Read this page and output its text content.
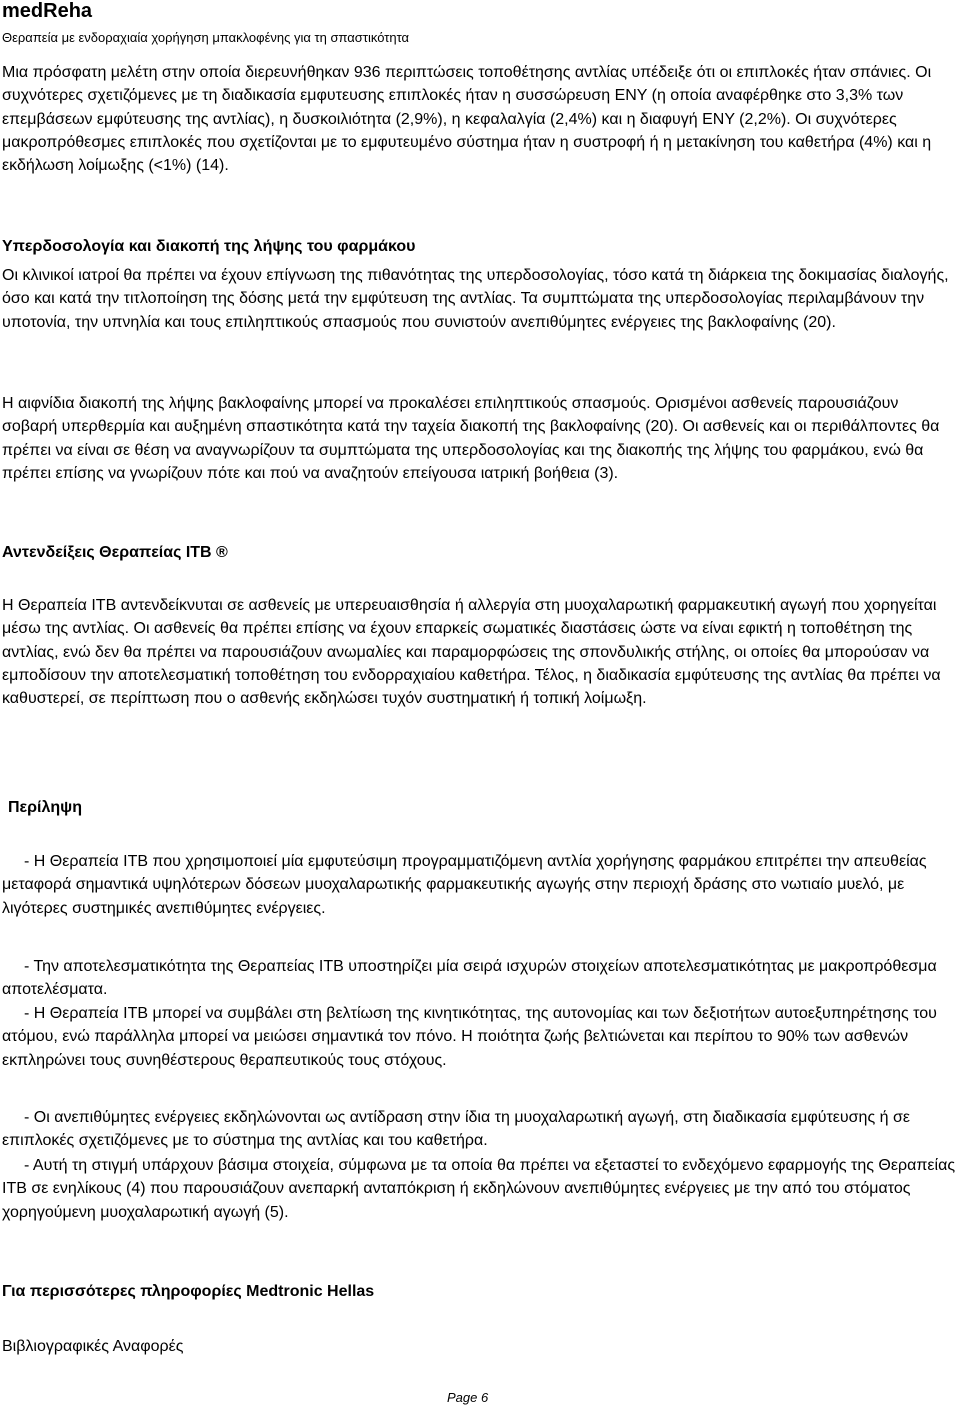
medReha
Θεραπεία με ενδοραχιαία χορήγηση μπακλοφένης για τη σπαστικότητα

Μια πρόσφατη μελέτη στην οποία διερευνήθηκαν 936 περιπτώσεις τοποθέτησης αντλίας υπέδειξε ότι οι επιπλοκές ήταν σπάνιες. Οι συχνότερες σχετιζόμενες με τη διαδικασία εμφυτευσης επιπλοκές ήταν η συσσώρευση ΕΝΥ (η οποία αναφέρθηκε στο 3,3% των επεμβάσεων εμφύτευσης της αντλίας), η δυσκοιλιότητα (2,9%), η κεφαλαλγία (2,4%) και η διαφυγή ΕΝΥ (2,2%). Οι συχνότερες μακροπρόθεσμες επιπλοκές που σχετίζονται με το εμφυτευμένο σύστημα ήταν η συστροφή ή η μετακίνηση του καθετήρα (4%) και η εκδήλωση λοίμωξης (<1%) (14).

Υπερδοσολογία και διακοπή της λήψης του φαρμάκου

Οι κλινικοί ιατροί θα πρέπει να έχουν επίγνωση της πιθανότητας της υπερδοσολογίας, τόσο κατά τη διάρκεια της δοκιμασίας διαλογής, όσο και κατά την τιτλοποίηση της δόσης μετά την εμφύτευση της αντλίας. Τα συμπτώματα της υπερδοσολογίας περιλαμβάνουν την υποτονία, την υπνηλία και τους επιληπτικούς σπασμούς που συνιστούν ανεπιθύμητες ενέργειες της βακλοφαίνης (20).

Η αιφνίδια διακοπή της λήψης βακλοφαίνης μπορεί να προκαλέσει επιληπτικούς σπασμούς. Ορισμένοι ασθενείς παρουσιάζουν σοβαρή υπερθερμία και αυξημένη σπαστικότητα κατά την ταχεία διακοπή της βακλοφαίνης (20). Οι ασθενείς και οι περιθάλποντες θα πρέπει να είναι σε θέση να αναγνωρίζουν τα συμπτώματα της υπερδοσολογίας και της διακοπής της λήψης του φαρμάκου, ενώ θα πρέπει επίσης να γνωρίζουν πότε και πού να αναζητούν επείγουσα ιατρική βοήθεια (3).

Αντενδείξεις Θεραπείας ΙΤΒ ®

Η Θεραπεία ΙΤΒ αντενδείκνυται σε ασθενείς με υπερευαισθησία ή αλλεργία στη μυοχαλαρωτική φαρμακευτική αγωγή που χορηγείται μέσω της αντλίας. Οι ασθενείς θα πρέπει επίσης να έχουν επαρκείς σωματικές διαστάσεις ώστε να είναι εφικτή η τοποθέτηση της αντλίας, ενώ δεν θα πρέπει να παρουσιάζουν ανωμαλίες και παραμορφώσεις της σπονδυλικής στήλης, οι οποίες θα μπορούσαν να εμποδίσουν την αποτελεσματική τοποθέτηση του ενδορραχιαίου καθετήρα. Τέλος, η διαδικασία εμφύτευσης της αντλίας θα πρέπει να καθυστερεί, σε περίπτωση που ο ασθενής εκδηλώσει τυχόν συστηματική ή τοπική λοίμωξη.

Περίληψη

- Η Θεραπεία ΙΤΒ που χρησιμοποιεί μία εμφυτεύσιμη προγραμματιζόμενη αντλία χορήγησης φαρμάκου επιτρέπει την απευθείας μεταφορά σημαντικά υψηλότερων δόσεων μυοχαλαρωτικής φαρμακευτικής αγωγής στην περιοχή δράσης στο νωτιαίο μυελό, με λιγότερες συστημικές ανεπιθύμητες ενέργειες.

- Την αποτελεσματικότητα της Θεραπείας ΙΤΒ υποστηρίζει μία σειρά ισχυρών στοιχείων αποτελεσματικότητας με μακροπρόθεσμα αποτελέσματα.

- Η Θεραπεία ΙΤΒ μπορεί να συμβάλει στη βελτίωση της κινητικότητας, της αυτονομίας και των δεξιοτήτων αυτοεξυπηρέτησης του ατόμου, ενώ παράλληλα μπορεί να μειώσει σημαντικά τον πόνο. Η ποιότητα ζωής βελτιώνεται και περίπου το 90% των ασθενών εκπληρώνει τους συνηθέστερους θεραπευτικούς τους στόχους.

- Οι ανεπιθύμητες ενέργειες εκδηλώνονται ως αντίδραση στην ίδια τη μυοχαλαρωτική αγωγή, στη διαδικασία εμφύτευσης ή σε επιπλοκές σχετιζόμενες με το σύστημα της αντλίας και του καθετήρα.

- Αυτή τη στιγμή υπάρχουν βάσιμα στοιχεία, σύμφωνα με τα οποία θα πρέπει να εξεταστεί το ενδεχόμενο εφαρμογής της Θεραπείας ΙΤΒ σε ενηλίκους (4) που παρουσιάζουν ανεπαρκή ανταπόκριση ή εκδηλώνουν ανεπιθύμητες ενέργειες με την από του στόματος χορηγούμενη μυοχαλαρωτική αγωγή (5).

Για περισσότερες πληροφορίες Medtronic Hellas
Βιβλιογραφικές Αναφορές
Page 6
